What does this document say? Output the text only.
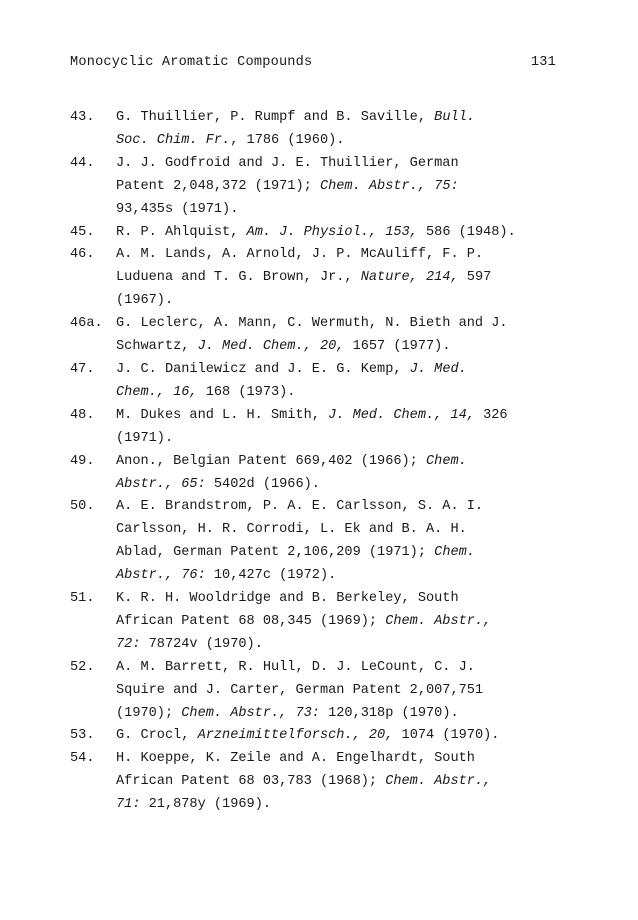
Monocyclic Aromatic Compounds	131
43. G. Thuillier, P. Rumpf and B. Saville, Bull.
Soc. Chim. Fr., 1786 (1960).
44. J. J. Godfroid and J. E. Thuillier, German
Patent 2,048,372 (1971); Chem. Abstr., 75:
93,435s (1971).
45. R. P. Ahlquist, Am. J. Physiol., 153, 586 (1948).
46. A. M. Lands, A. Arnold, J. P. McAuliff, F. P.
Luduena and T. G. Brown, Jr., Nature, 214, 597
(1967).
46a. G. Leclerc, A. Mann, C. Wermuth, N. Bieth and J.
Schwartz, J. Med. Chem., 20, 1657 (1977).
47. J. C. Danilewicz and J. E. G. Kemp, J. Med.
Chem., 16, 168 (1973).
48. M. Dukes and L. H. Smith, J. Med. Chem., 14, 326
(1971).
49. Anon., Belgian Patent 669,402 (1966); Chem.
Abstr., 65: 5402d (1966).
50. A. E. Brandstrom, P. A. E. Carlsson, S. A. I.
Carlsson, H. R. Corrodi, L. Ek and B. A. H.
Ablad, German Patent 2,106,209 (1971); Chem.
Abstr., 76: 10,427c (1972).
51. K. R. H. Wooldridge and B. Berkeley, South
African Patent 68 08,345 (1969); Chem. Abstr.,
72: 78724v (1970).
52. A. M. Barrett, R. Hull, D. J. LeCount, C. J.
Squire and J. Carter, German Patent 2,007,751
(1970); Chem. Abstr., 73: 120,318p (1970).
53. G. Crocl, Arzneimittelforsch., 20, 1074 (1970).
54. H. Koeppe, K. Zeile and A. Engelhardt, South
African Patent 68 03,783 (1968); Chem. Abstr.,
71: 21,878y (1969).
